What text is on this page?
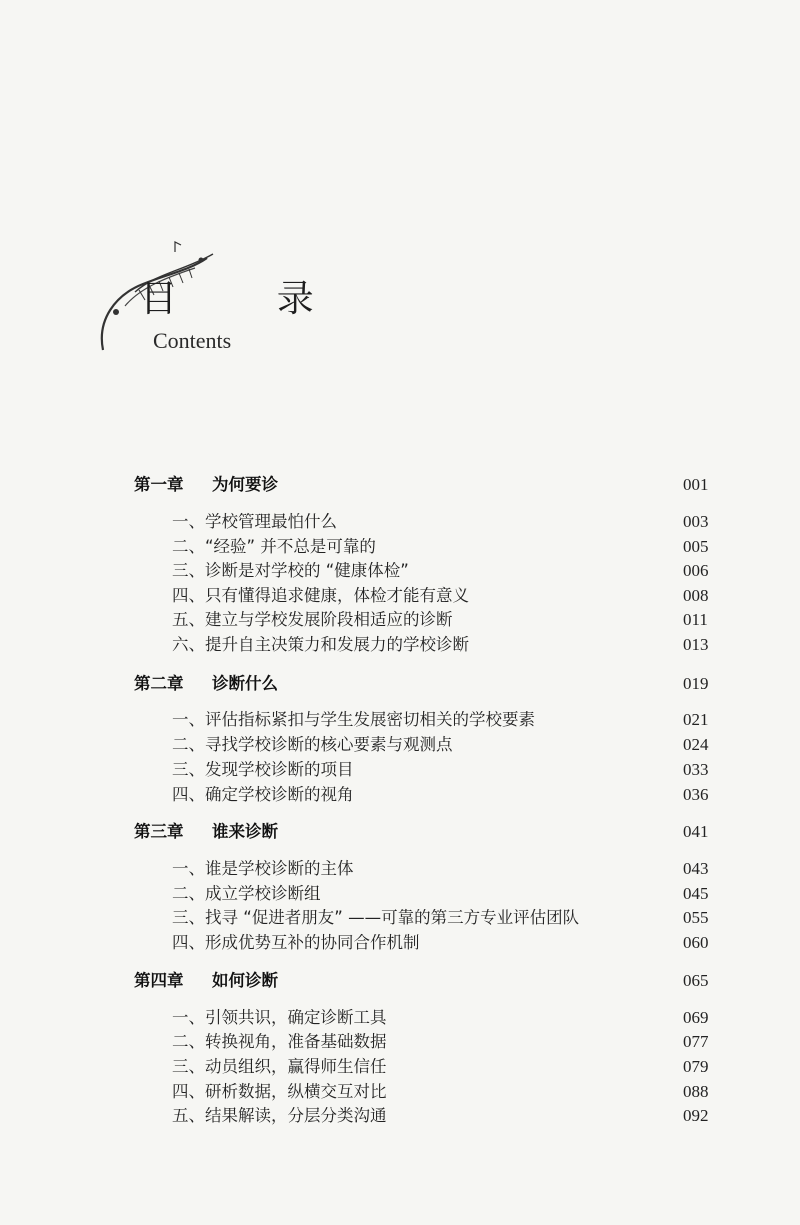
目 录
Contents
第一章 为何要诊	001
一、学校管理最怕什么	003
二、“经验” 并不总是可靠的	005
三、诊断是对学校的 “健康体检”	006
四、只有懂得追求健康，体检才能有意义	008
五、建立与学校发展阶段相适应的诊断	011
六、提升自主决策力和发展力的学校诊断	013
第二章 诊断什么	019
一、评估指标紧扣与学生发展密切相关的学校要素	021
二、寻找学校诊断的核心要素与观测点	024
三、发现学校诊断的项目	033
四、确定学校诊断的视角	036
第三章 谁来诊断	041
一、谁是学校诊断的主体	043
二、成立学校诊断组	045
三、找寻 “促进者朋友” ——可靠的第三方专业评估团队	055
四、形成优势互补的协同合作机制	060
第四章 如何诊断	065
一、引领共识，确定诊断工具	069
二、转换视角，准备基础数据	077
三、动员组织，赢得师生信任	079
四、研析数据，纵横交互对比	088
五、结果解读，分层分类沟通	092
